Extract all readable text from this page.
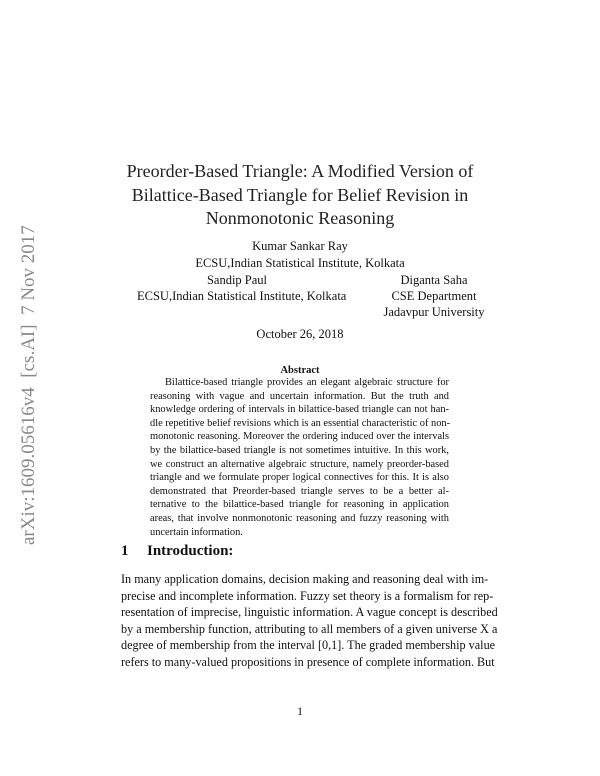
arXiv:1609.05616v4  [cs.AI]  7 Nov 2017
Preorder-Based Triangle: A Modified Version of
Bilattice-Based Triangle for Belief Revision in
Nonmonotonic Reasoning
Kumar Sankar Ray
ECSU,Indian Statistical Institute, Kolkata
Sandip Paul
ECSU,Indian Statistical Institute, Kolkata
Diganta Saha
CSE Department
Jadavpur University
October 26, 2018
Abstract
Bilattice-based triangle provides an elegant algebraic structure for
reasoning with vague and uncertain information. But the truth and
knowledge ordering of intervals in bilattice-based triangle can not han-
dle repetitive belief revisions which is an essential characteristic of non-
monotonic reasoning. Moreover the ordering induced over the intervals
by the bilattice-based triangle is not sometimes intuitive. In this work,
we construct an alternative algebraic structure, namely preorder-based
triangle and we formulate proper logical connectives for this. It is also
demonstrated that Preorder-based triangle serves to be a better al-
ternative to the bilattice-based triangle for reasoning in application
areas, that involve nonmonotonic reasoning and fuzzy reasoning with
uncertain information.
1 Introduction:
In many application domains, decision making and reasoning deal with im-
precise and incomplete information. Fuzzy set theory is a formalism for rep-
resentation of imprecise, linguistic information. A vague concept is described
by a membership function, attributing to all members of a given universe X a
degree of membership from the interval [0,1]. The graded membership value
refers to many-valued propositions in presence of complete information. But
1
